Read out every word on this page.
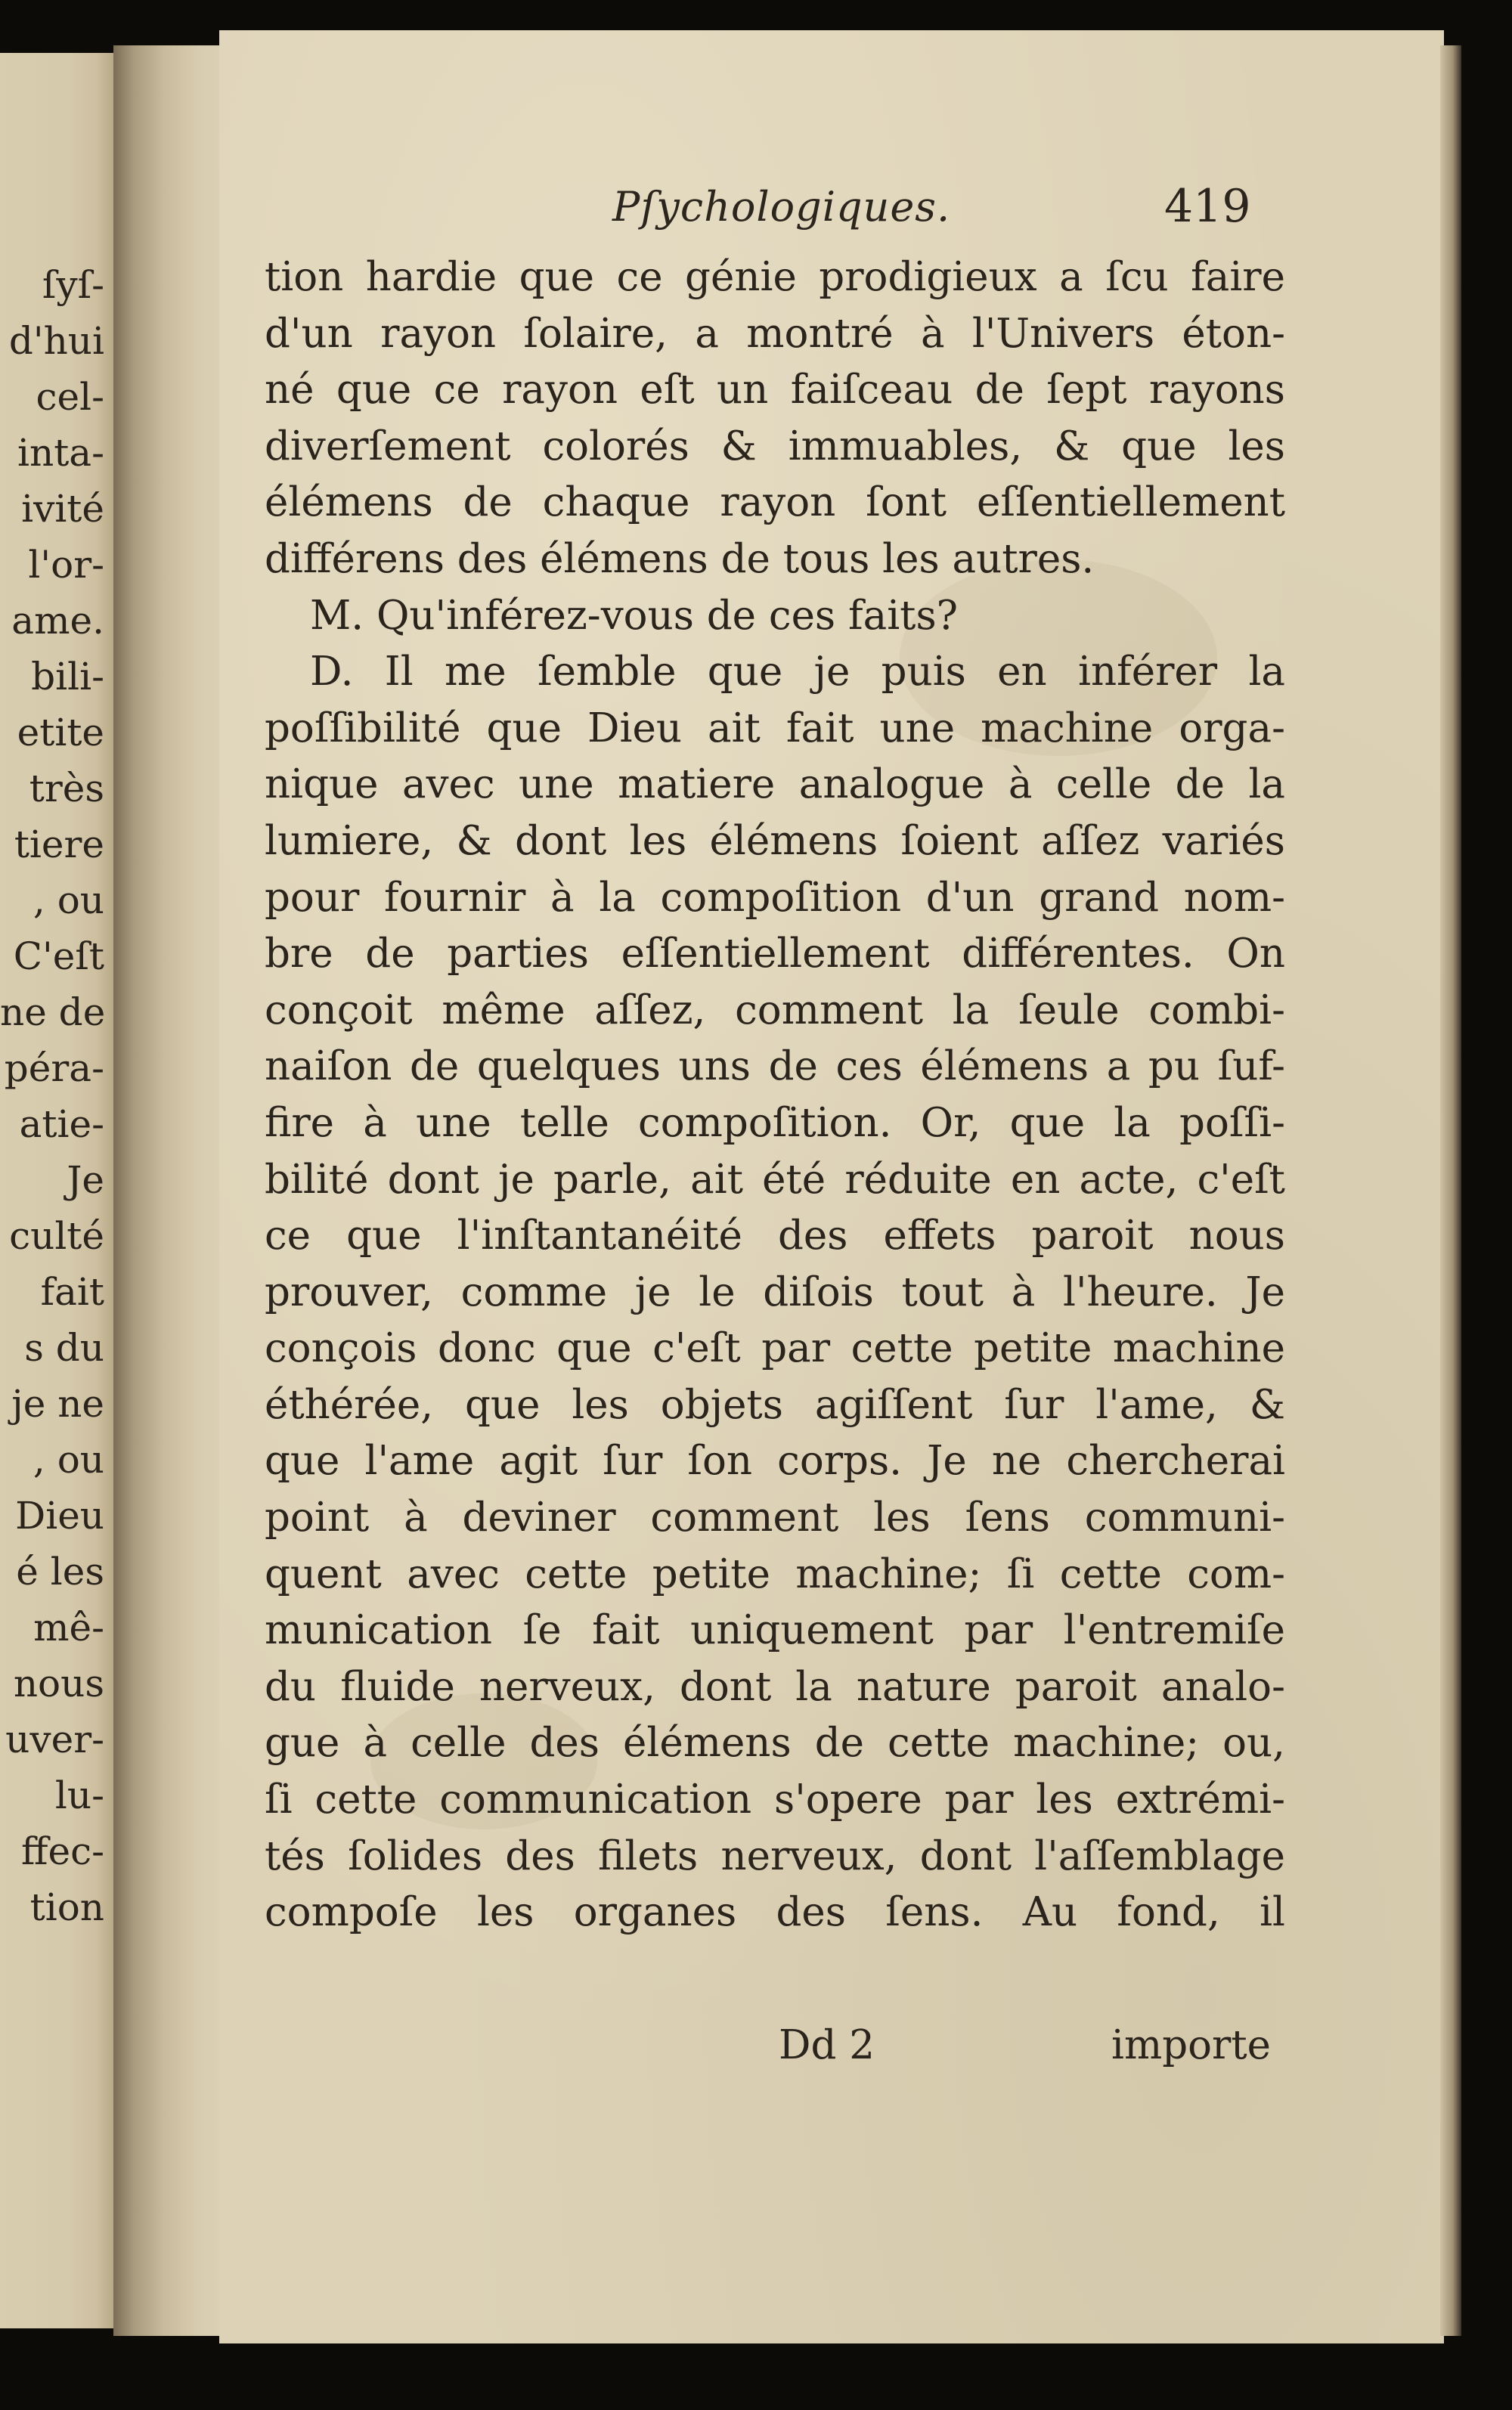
ſyſ-
d'hui
cel-
inta-
ivité
l'or-
ame.
bili-
etite
très
tiere
, ou
C'eſt
ne de
péra-
atie-
Je
culté
fait
s du
je ne
, ou
Dieu
é les
mê-
nous
uver-
lu-
ffec-
tion
Pſychologiques.	419
tion hardie que ce génie prodigieux a ſcu faire
d'un rayon ſolaire, a montré à l'Univers éton-
né que ce rayon eſt un faiſceau de ſept rayons
diverſement colorés & immuables, & que les
élémens de chaque rayon ſont eſſentiellement
différens des élémens de tous les autres.
M. Qu'inférez-vous de ces faits?
D. Il me ſemble que je puis en inférer la
poſſibilité que Dieu ait fait une machine orga-
nique avec une matiere analogue à celle de la
lumiere, & dont les élémens ſoient aſſez variés
pour fournir à la compoſition d'un grand nom-
bre de parties eſſentiellement différentes. On
conçoit même aſſez, comment la ſeule combi-
naiſon de quelques uns de ces élémens a pu ſuf-
fire à une telle compoſition. Or, que la poſſi-
bilité dont je parle, ait été réduite en acte, c'eſt
ce que l'inſtantanéité des effets paroit nous
prouver, comme je le diſois tout à l'heure. Je
conçois donc que c'eſt par cette petite machine
éthérée, que les objets agiſſent ſur l'ame, &
que l'ame agit ſur ſon corps. Je ne chercherai
point à deviner comment les ſens communi-
quent avec cette petite machine; ſi cette com-
munication ſe fait uniquement par l'entremiſe
du fluide nerveux, dont la nature paroit analo-
gue à celle des élémens de cette machine; ou,
ſi cette communication s'opere par les extrémi-
tés ſolides des filets nerveux, dont l'aſſemblage
compoſe les organes des ſens. Au fond, il
Dd 2	importe
